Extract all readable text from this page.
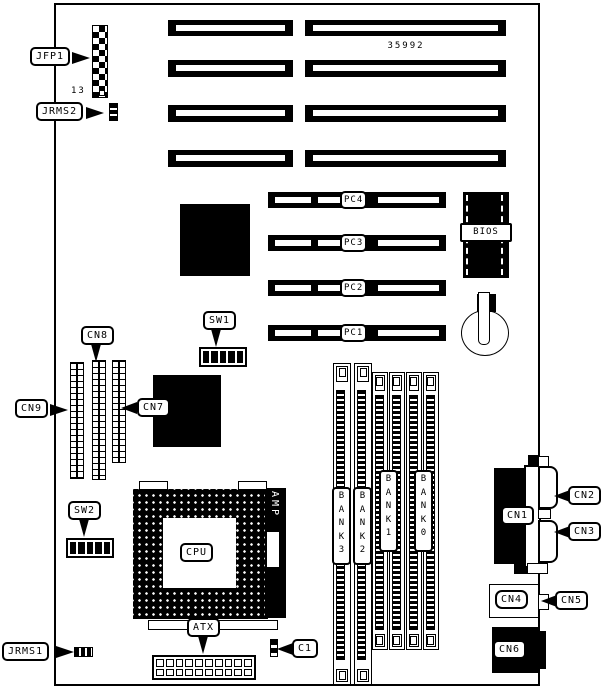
35992
13
JFP1
JRMS2
PC4
PC3
PC2
PC1
BIOS
SW1
SW2
CN8
CN9	CN7
CPU
AMP
ATX
C1
JRMS1
BANK3
BANK2
BANK1
BANK0
CN1
CN2
CN3
CN4	CN5
CN6
